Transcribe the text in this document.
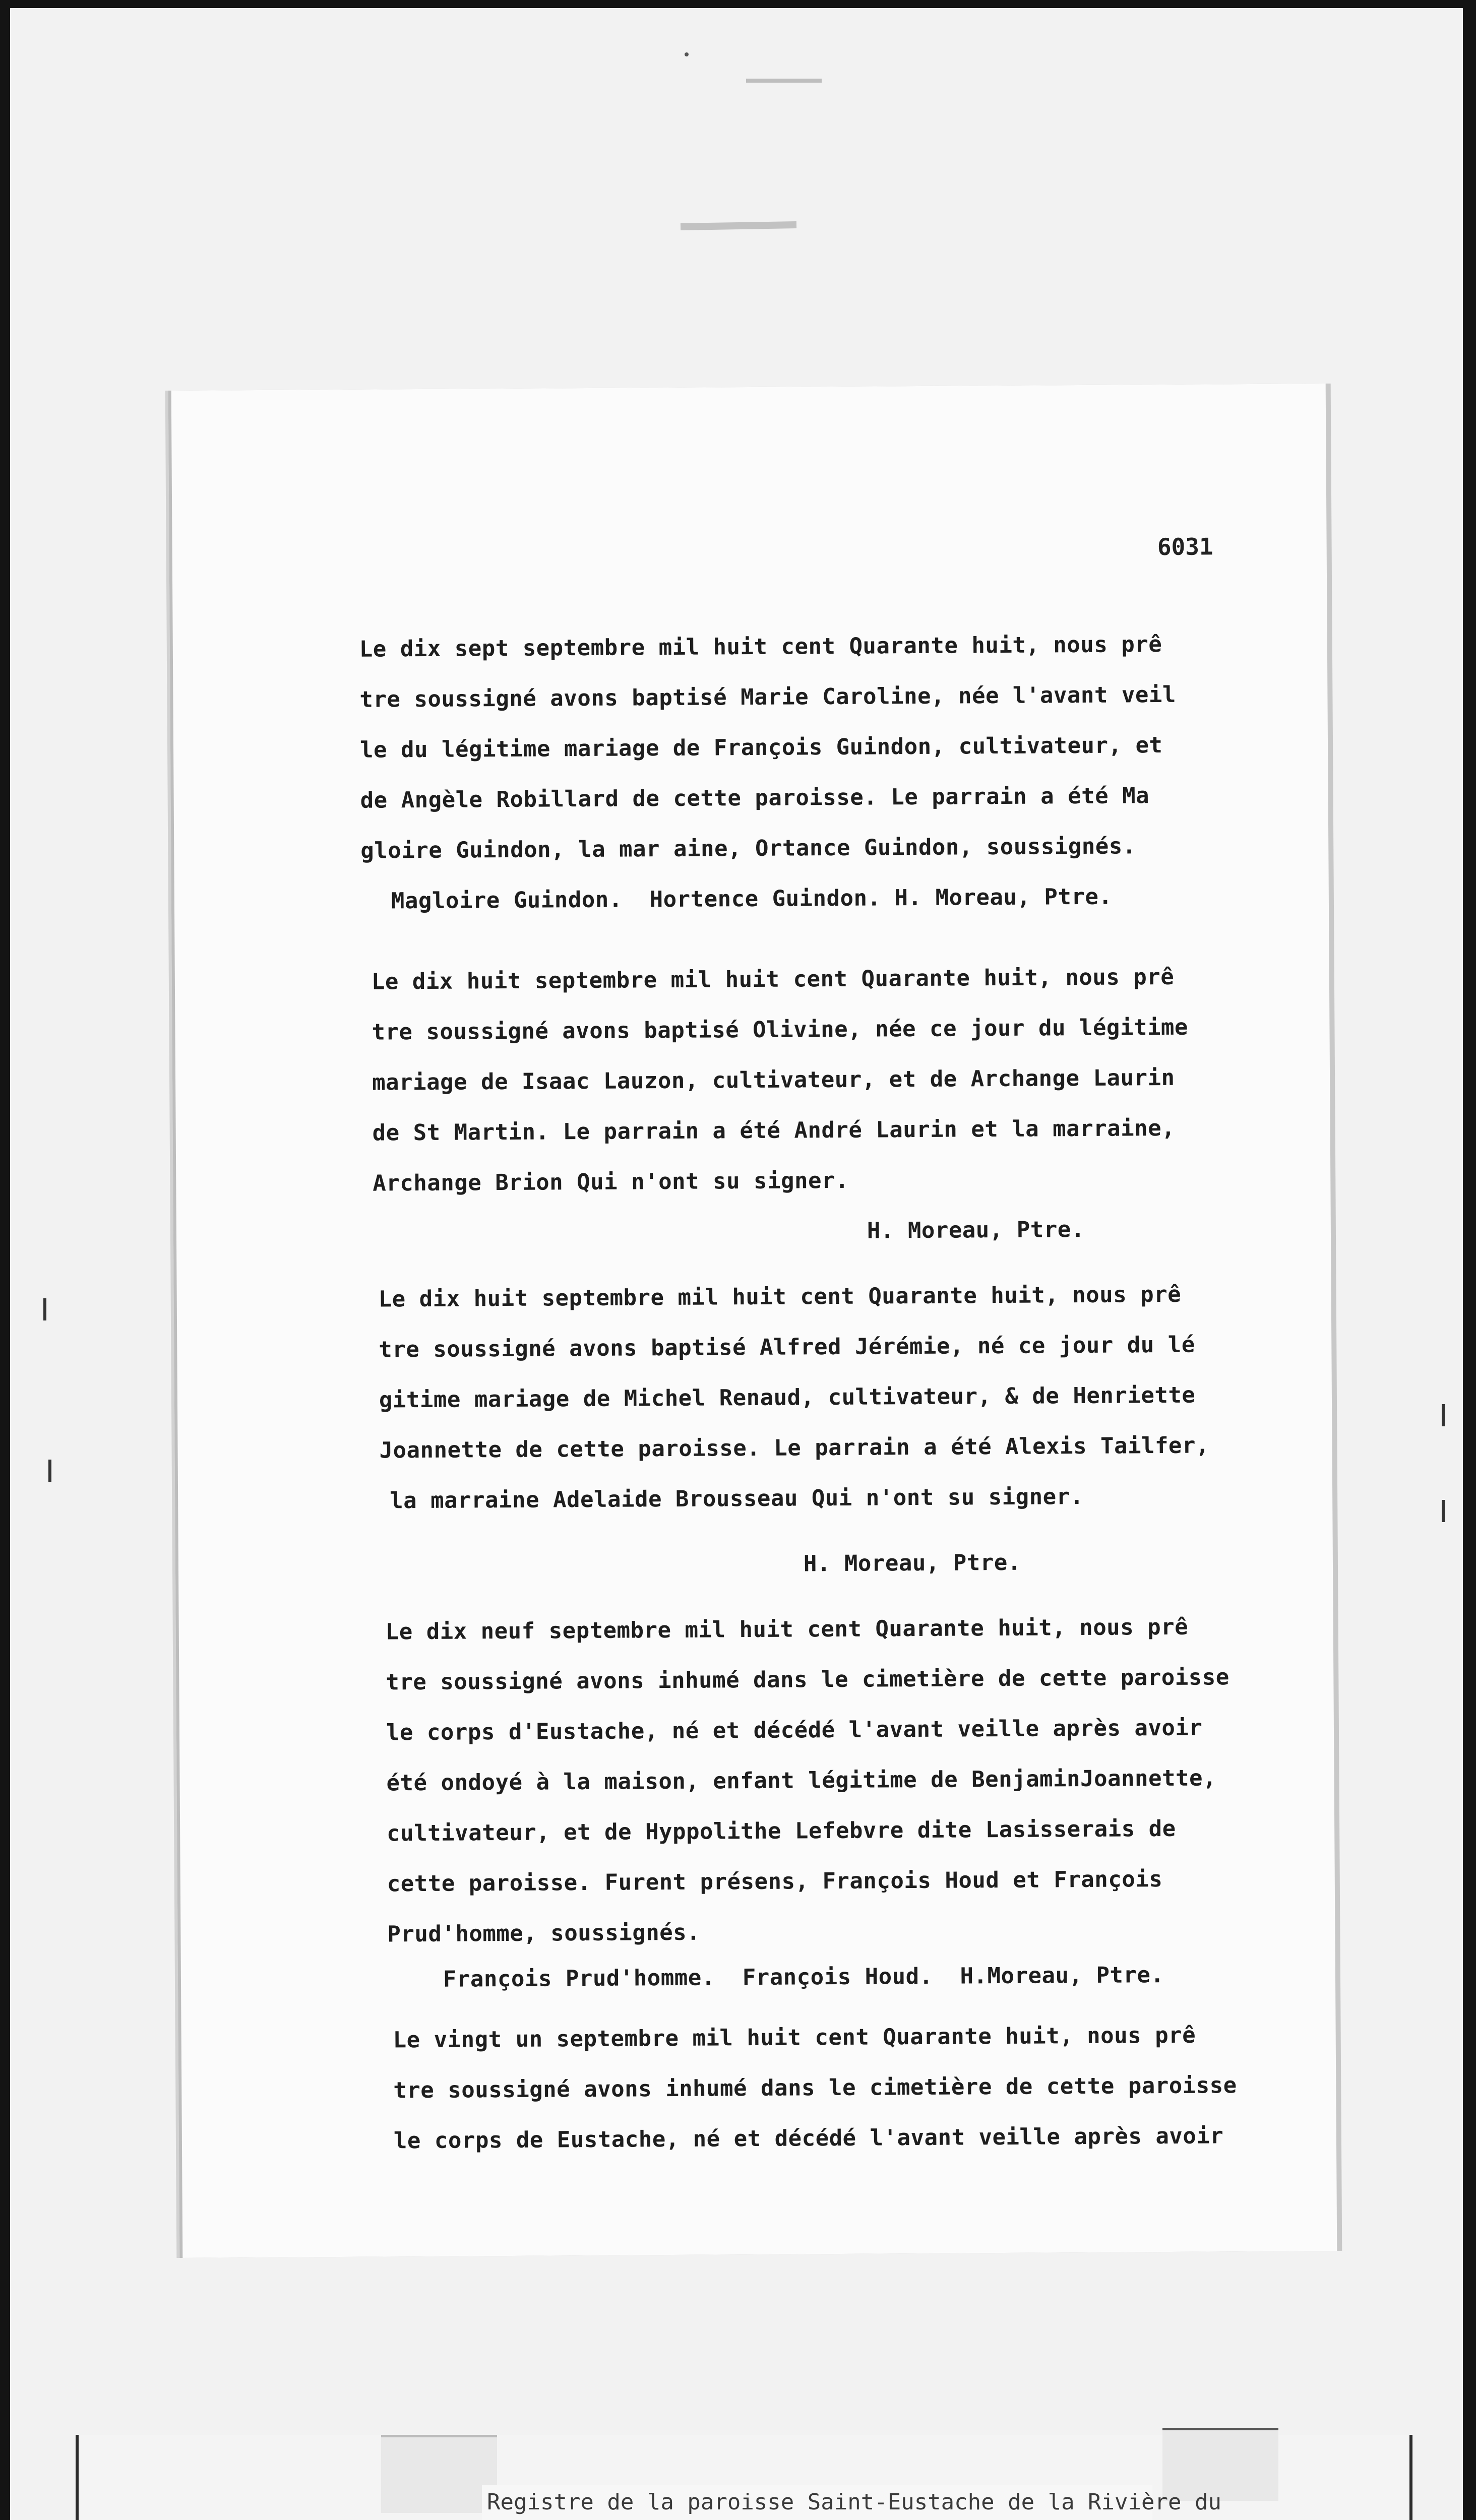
6031
Le dix sept septembre mil huit cent Quarante huit, nous prê
tre soussigné avons baptisé Marie Caroline, née l'avant veil
le du légitime mariage de François Guindon, cultivateur, et
de Angèle Robillard de cette paroisse. Le parrain a été Ma
gloire Guindon, la mar aine, Ortance Guindon, soussignés.
Magloire Guindon.  Hortence Guindon. H. Moreau, Ptre.
Le dix huit septembre mil huit cent Quarante huit, nous prê
tre soussigné avons baptisé Olivine, née ce jour du légitime
mariage de Isaac Lauzon, cultivateur, et de Archange Laurin
de St Martin. Le parrain a été André Laurin et la marraine,
Archange Brion Qui n'ont su signer.
H. Moreau, Ptre.
Le dix huit septembre mil huit cent Quarante huit, nous prê
tre soussigné avons baptisé Alfred Jérémie, né ce jour du lé
gitime mariage de Michel Renaud, cultivateur, & de Henriette
Joannette de cette paroisse. Le parrain a été Alexis Tailfer,
la marraine Adelaide Brousseau Qui n'ont su signer.
H. Moreau, Ptre.
Le dix neuf septembre mil huit cent Quarante huit, nous prê
tre soussigné avons inhumé dans le cimetière de cette paroisse
le corps d'Eustache, né et décédé l'avant veille après avoir
été ondoyé à la maison, enfant légitime de BenjaminJoannette,
cultivateur, et de Hyppolithe Lefebvre dite Lasisserais de
cette paroisse. Furent présens, François Houd et François
Prud'homme, soussignés.
François Prud'homme.  François Houd.  H.Moreau, Ptre.
Le vingt un septembre mil huit cent Quarante huit, nous prê
tre soussigné avons inhumé dans le cimetière de cette paroisse
le corps de Eustache, né et décédé l'avant veille après avoir
Registre de la paroisse Saint-Eustache de la Rivière du
